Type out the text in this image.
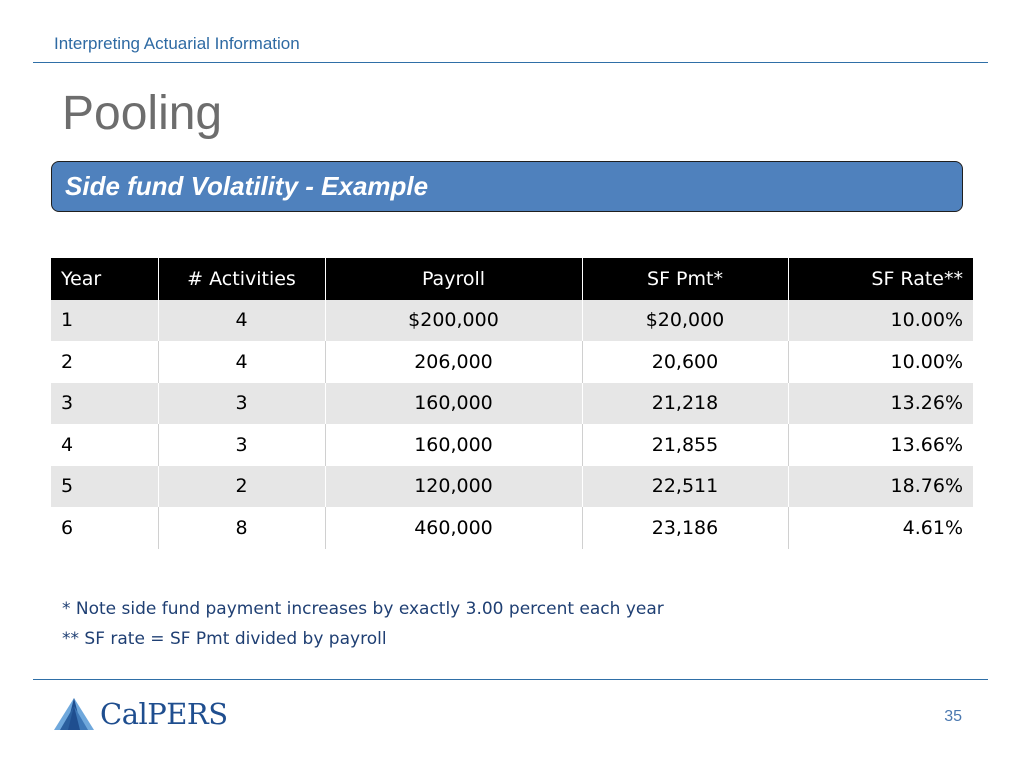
Interpreting Actuarial Information
Pooling
Side fund Volatility - Example
Year	# Activities	Payroll	SF Pmt*	SF Rate**
1	4	$200,000	$20,000	10.00%
2	4	206,000	20,600	10.00%
3	3	160,000	21,218	13.26%
4	3	160,000	21,855	13.66%
5	2	120,000	22,511	18.76%
6	8	460,000	23,186	4.61%
* Note side fund payment increases by exactly 3.00 percent each year
** SF rate = SF Pmt divided by payroll
CalPERS	35
